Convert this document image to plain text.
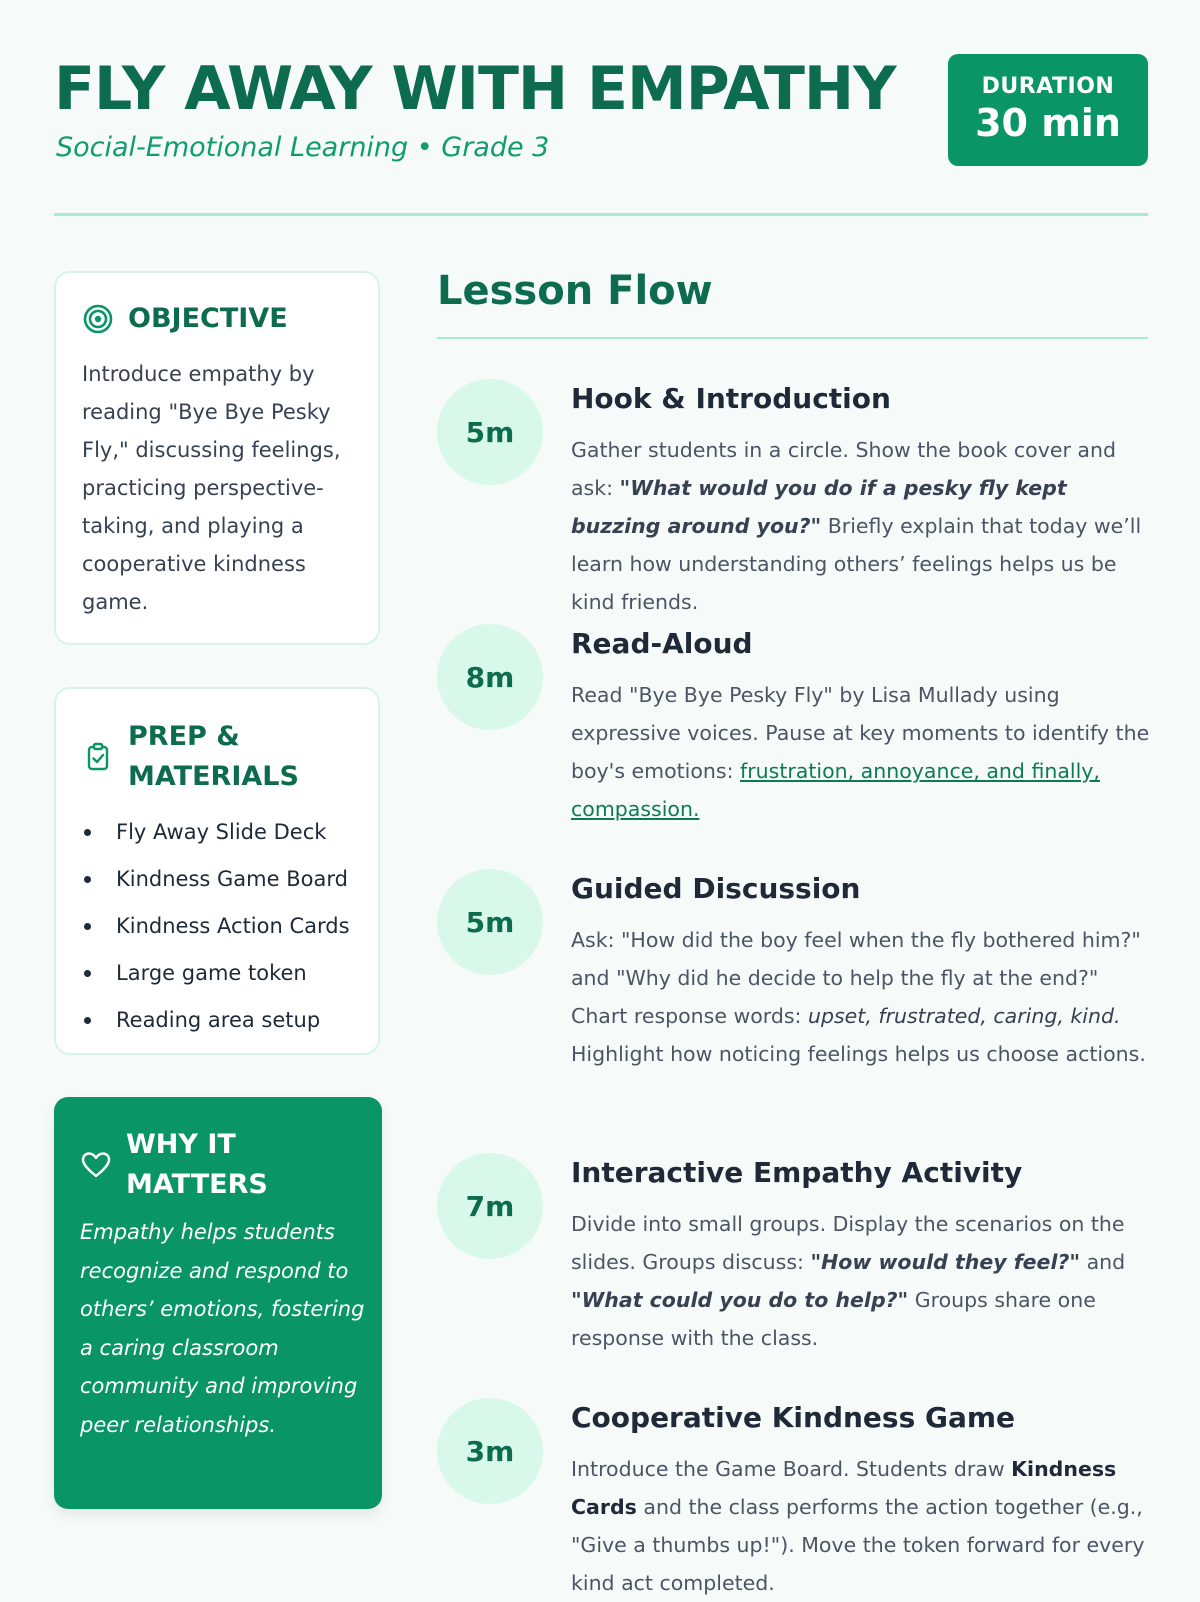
FLY AWAY WITH EMPATHY

Social-Emotional Learning • Grade 3

DURATION
30 min
OBJECTIVE

Introduce empathy by reading "Bye Bye Pesky Fly," discussing feelings, practicing perspective-taking, and playing a cooperative kindness game.

PREP & MATERIALS
Fly Away Slide Deck
Kindness Game Board
Kindness Action Cards
Large game token
Reading area setup
WHY IT MATTERS

Empathy helps students recognize and respond to others’ emotions, fostering a caring classroom community and improving peer relationships.

Lesson Flow
5m
Hook & Introduction

Gather students in a circle. Show the book cover and ask: "What would you do if a pesky fly kept buzzing around you?" Briefly explain that today we’ll learn how understanding others’ feelings helps us be kind friends.

8m
Read-Aloud

Read "Bye Bye Pesky Fly" by Lisa Mullady using expressive voices. Pause at key moments to identify the boy's emotions: frustration, annoyance, and finally, compassion.

5m
Guided Discussion

Ask: "How did the boy feel when the fly bothered him?" and "Why did he decide to help the fly at the end?" Chart response words: upset, frustrated, caring, kind. Highlight how noticing feelings helps us choose actions.

7m
Interactive Empathy Activity

Divide into small groups. Display the scenarios on the slides. Groups discuss: "How would they feel?" and "What could you do to help?" Groups share one response with the class.

3m
Cooperative Kindness Game

Introduce the Game Board. Students draw Kindness Cards and the class performs the action together (e.g., "Give a thumbs up!"). Move the token forward for every kind act completed.
